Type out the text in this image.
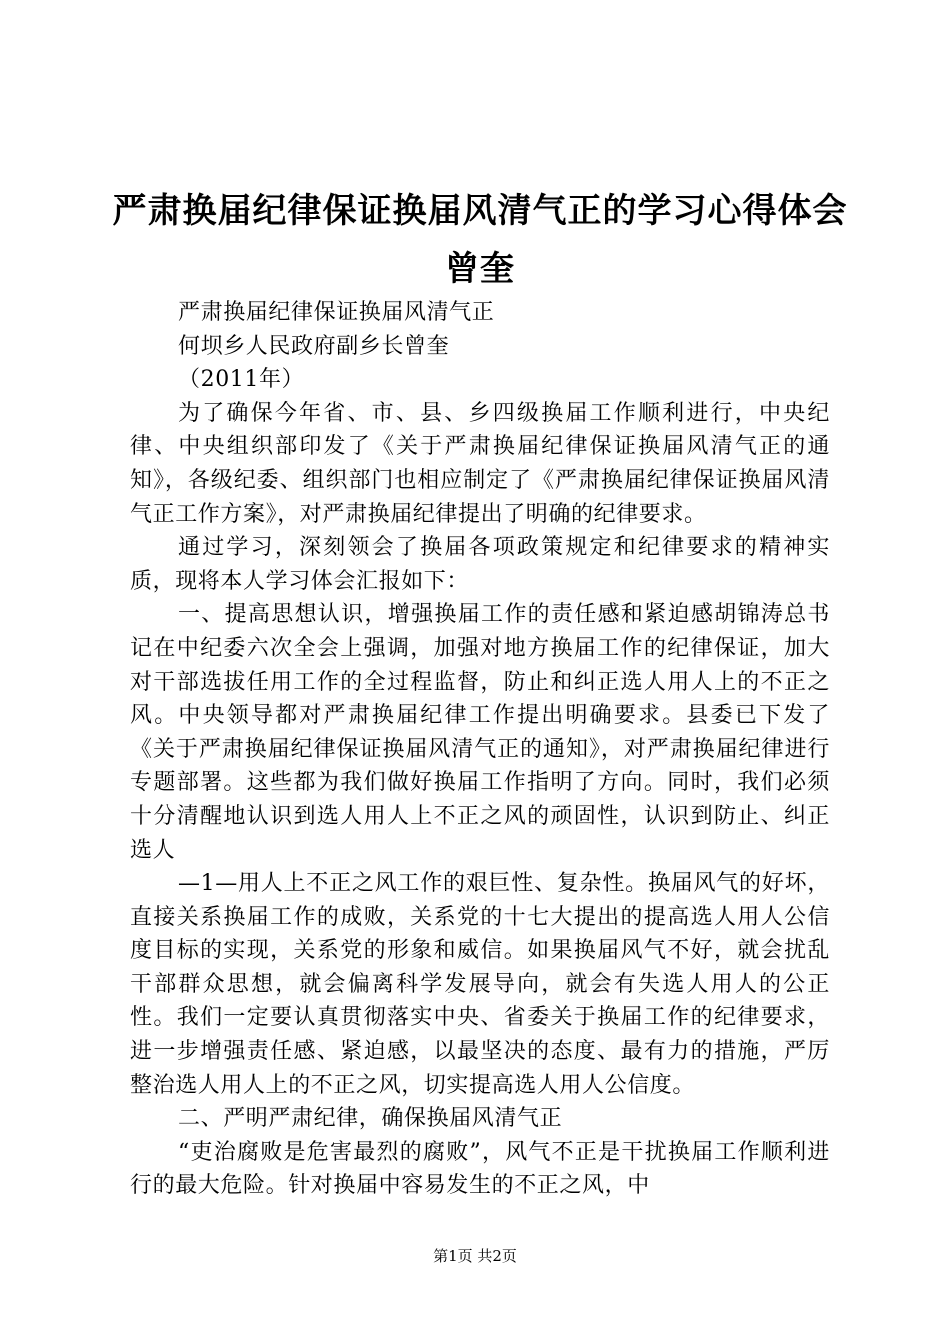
严肃换届纪律保证换届风清气正的学习心得体会曾奎

严肃换届纪律保证换届风清气正

何坝乡人民政府副乡长曾奎

（2011年）

为了确保今年省、市、县、乡四级换届工作顺利进行，中央纪律、中央组织部印发了《关于严肃换届纪律保证换届风清气正的通知》，各级纪委、组织部门也相应制定了《严肃换届纪律保证换届风清气正工作方案》，对严肃换届纪律提出了明确的纪律要求。

通过学习，深刻领会了换届各项政策规定和纪律要求的精神实质，现将本人学习体会汇报如下：

一、提高思想认识，增强换届工作的责任感和紧迫感胡锦涛总书记在中纪委六次全会上强调，加强对地方换届工作的纪律保证，加大对干部选拔任用工作的全过程监督，防止和纠正选人用人上的不正之风。中央领导都对严肃换届纪律工作提出明确要求。县委已下发了《关于严肃换届纪律保证换届风清气正的通知》，对严肃换届纪律进行专题部署。这些都为我们做好换届工作指明了方向。同时，我们必须十分清醒地认识到选人用人上不正之风的顽固性，认识到防止、纠正选人

—1—用人上不正之风工作的艰巨性、复杂性。换届风气的好坏，直接关系换届工作的成败，关系党的十七大提出的提高选人用人公信度目标的实现，关系党的形象和威信。如果换届风气不好，就会扰乱干部群众思想，就会偏离科学发展导向，就会有失选人用人的公正性。我们一定要认真贯彻落实中央、省委关于换届工作的纪律要求，进一步增强责任感、紧迫感，以最坚决的态度、最有力的措施，严厉整治选人用人上的不正之风，切实提高选人用人公信度。

二、严明严肃纪律，确保换届风清气正

“吏治腐败是危害最烈的腐败”，风气不正是干扰换届工作顺利进行的最大危险。针对换届中容易发生的不正之风，中

第1页 共2页
